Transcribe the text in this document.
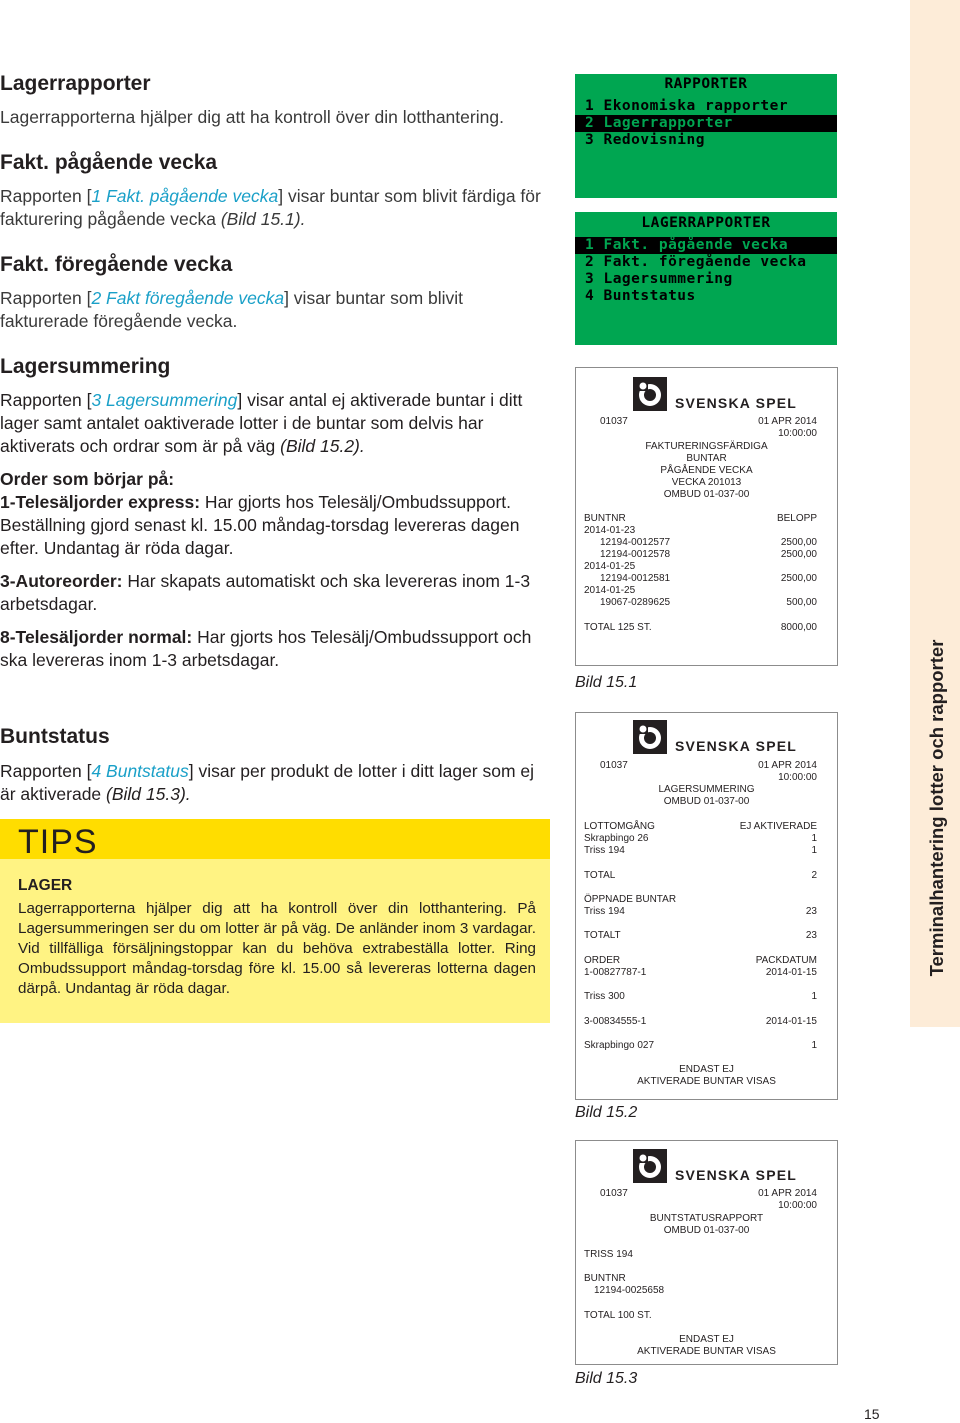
Terminalhantering lotter och rapporter
Lagerrapporter

Lagerrapporterna hjälper dig att ha kontroll över din lotthantering.

Fakt. pågående vecka

Rapporten [1 Fakt. pågående vecka] visar buntar som blivit färdiga för fakturering pågående vecka (Bild 15.1).

Fakt. föregående vecka

Rapporten [2 Fakt föregående vecka] visar buntar som blivit fakturerade föregående vecka.

Lagersummering

Rapporten [3 Lagersummering] visar antal ej aktiverade buntar i ditt lager samt antalet oaktiverade lotter i de buntar som delvis har aktiverats och ordrar som är på väg (Bild 15.2).

Order som börjar på:

1-Telesäljorder express: Har gjorts hos Telesälj/Ombudssupport. Beställning gjord senast kl. 15.00 måndag-torsdag levereras dagen efter. Undantag är röda dagar.

3-Autoreorder: Har skapats automatiskt och ska levereras inom 1-3 arbetsdagar.

8-Telesäljorder normal: Har gjorts hos Telesälj/Ombudssupport och ska levereras inom 1-3 arbetsdagar.

Buntstatus

Rapporten [4 Buntstatus] visar per produkt de lotter i ditt lager som ej är aktiverade (Bild 15.3).

TIPS
LAGER
Lagerrapporterna hjälper dig att ha kontroll över din lotthantering. På Lagersummeringen ser du om lotter är på väg. De anländer inom 3 vardagar. Vid tillfälliga försäljningstoppar kan du behöva extrabeställa lotter. Ring Ombudssupport måndag-torsdag före kl. 15.00 så levereras lotterna dagen därpå. Undantag är röda dagar.
RAPPORTER
1 Ekonomiska rapporter
2 Lagerrapporter
3 Redovisning
LAGERRAPPORTER
1 Fakt. pågående vecka
2 Fakt. föregående vecka
3 Lagersummering
4 Buntstatus
SVENSKA SPEL
01037	01 APR 2014
10:00:00
FAKTURERINGSFÄRDIGA
BUNTAR
PÅGÅENDE VECKA
VECKA 201013
OMBUD 01-037-00
BUNTNR	BELOPP
2014-01-23
12194-0012577	2500,00
12194-0012578	2500,00
2014-01-25
12194-0012581	2500,00
2014-01-25
19067-0289625	500,00
TOTAL 125 ST.	8000,00
Bild 15.1
SVENSKA SPEL
01037	01 APR 2014
10:00:00
LAGERSUMMERING
OMBUD 01-037-00
LOTTOMGÅNG	EJ AKTIVERADE
Skrapbingo 26	1
Triss 194	1
TOTAL	2
ÖPPNADE BUNTAR
Triss 194	23
TOTALT	23
ORDER	PACKDATUM
1-00827787-1	2014-01-15
Triss 300	1
3-00834555-1	2014-01-15
Skrapbingo 027	1
ENDAST EJ
AKTIVERADE BUNTAR VISAS
Bild 15.2
SVENSKA SPEL
01037	01 APR 2014
10:00:00
BUNTSTATUSRAPPORT
OMBUD 01-037-00
TRISS 194
BUNTNR
12194-0025658
TOTAL 100 ST.
ENDAST EJ
AKTIVERADE BUNTAR VISAS
Bild 15.3
15
